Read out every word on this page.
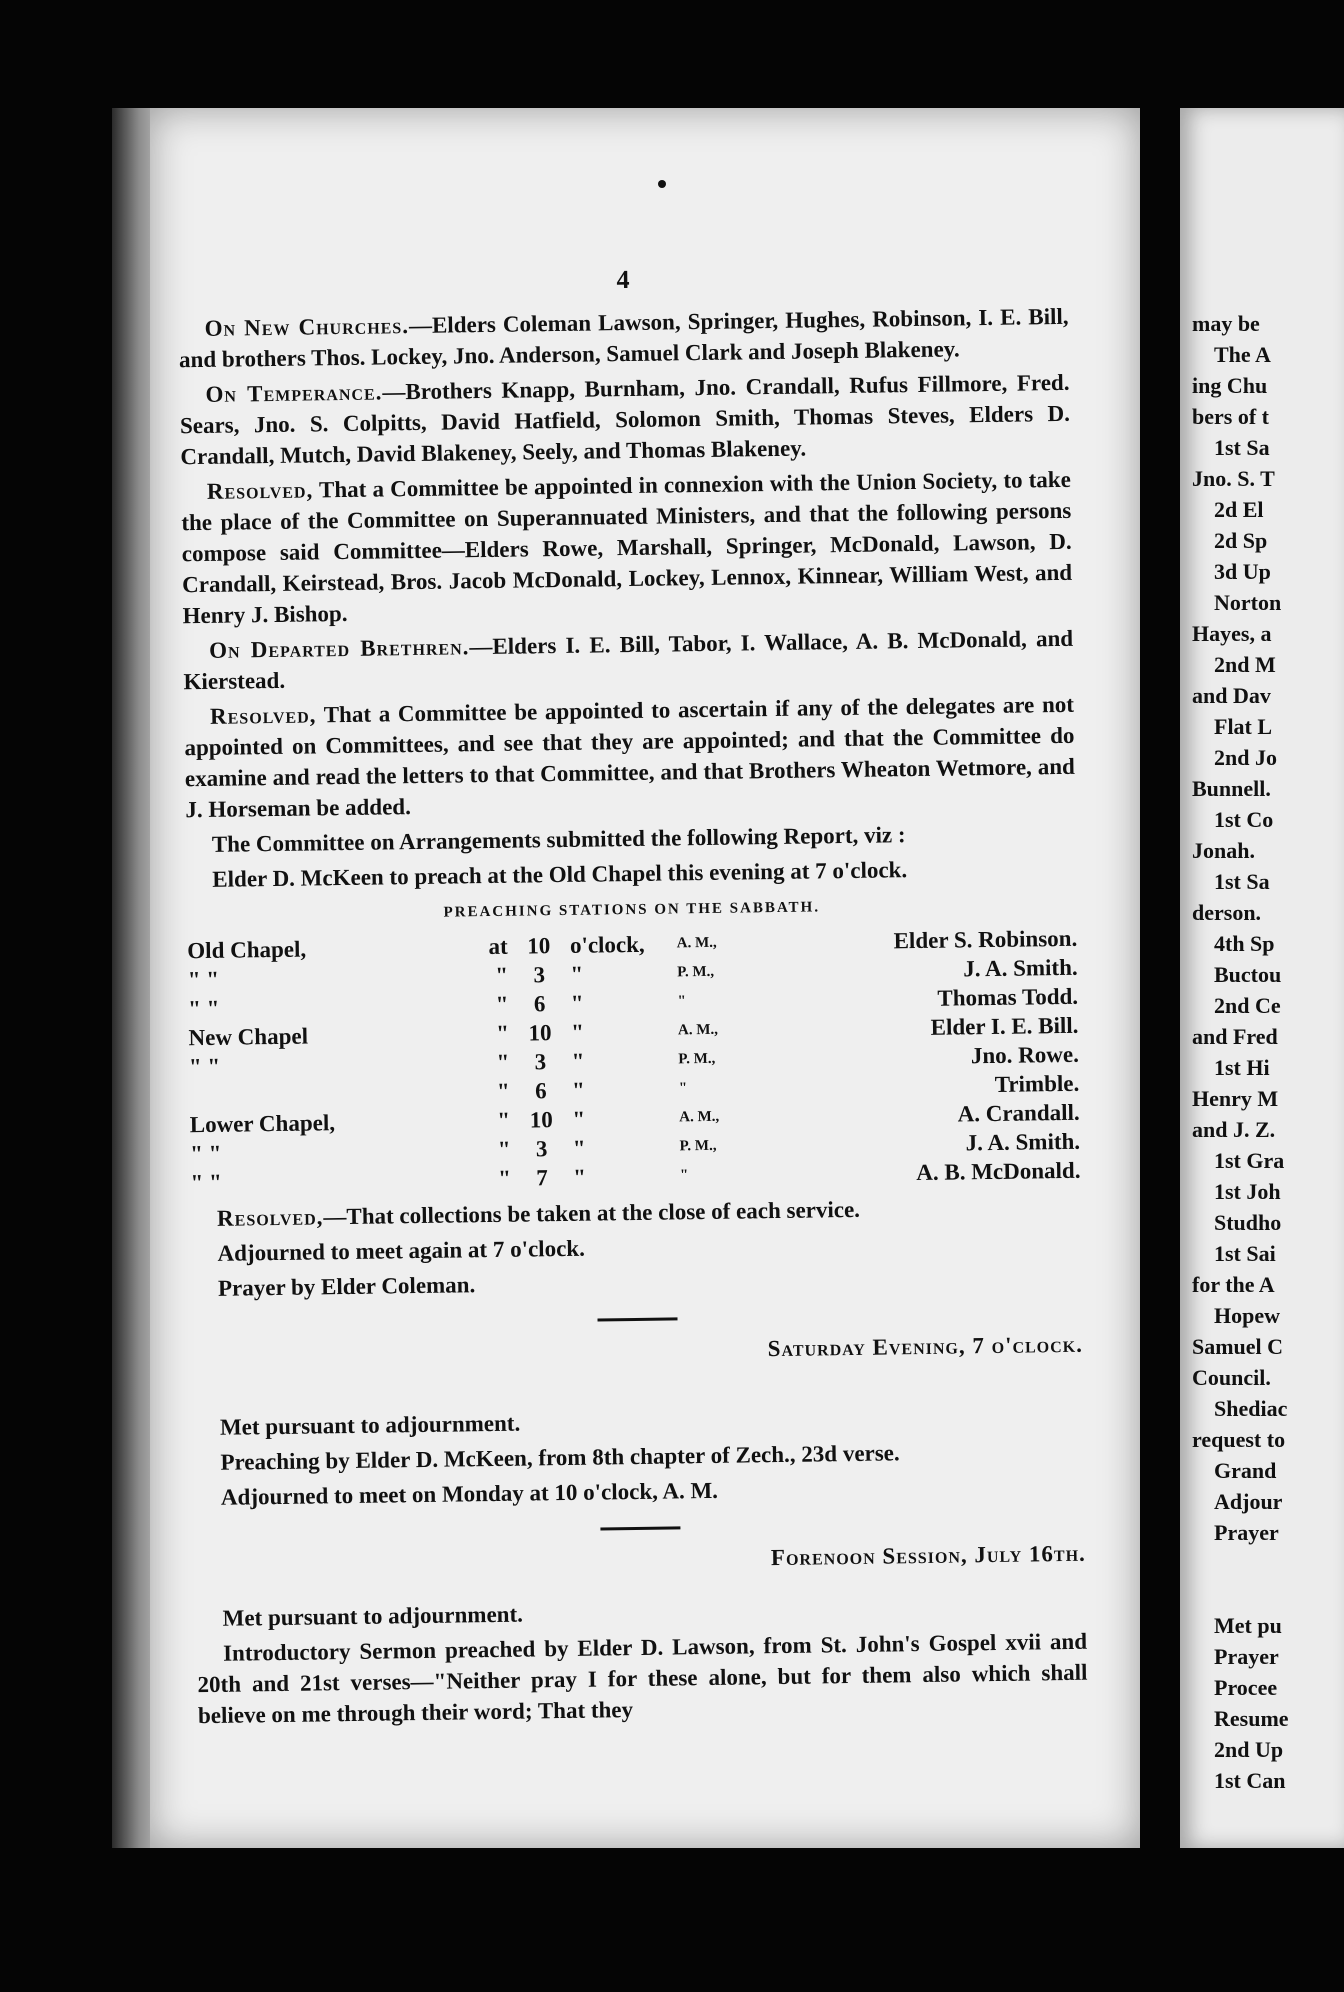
4

On New Churches.—Elders Coleman Lawson, Springer, Hughes, Robinson, I. E. Bill, and brothers Thos. Lockey, Jno. Anderson, Samuel Clark and Joseph Blakeney.

On Temperance.—Brothers Knapp, Burnham, Jno. Crandall, Rufus Fillmore, Fred. Sears, Jno. S. Colpitts, David Hatfield, Solomon Smith, Thomas Steves, Elders D. Crandall, Mutch, David Blakeney, Seely, and Thomas Blakeney.

Resolved, That a Committee be appointed in connexion with the Union Society, to take the place of the Committee on Superannuated Ministers, and that the following persons compose said Committee—Elders Rowe, Marshall, Springer, McDonald, Lawson, D. Crandall, Keirstead, Bros. Jacob McDonald, Lockey, Lennox, Kinnear, William West, and Henry J. Bishop.

On Departed Brethren.—Elders I. E. Bill, Tabor, I. Wallace, A. B. McDonald, and Kierstead.

Resolved, That a Committee be appointed to ascertain if any of the delegates are not appointed on Committees, and see that they are appointed; and that the Committee do examine and read the letters to that Committee, and that Brothers Wheaton Wetmore, and J. Horseman be added.

The Committee on Arrangements submitted the following Report, viz :

Elder D. McKeen to preach at the Old Chapel this evening at 7 o'clock.

PREACHING STATIONS ON THE SABBATH.
Old Chapel,	at	10	o'clock,	A. M.,	Elder S. Robinson.
" "	"	3	"	P. M.,	J. A. Smith.
" "	"	6	"	"	Thomas Todd.
New Chapel	"	10	"	A. M.,	Elder I. E. Bill.
" "	"	3	"	P. M.,	Jno. Rowe.
	"	6	"	"	Trimble.
Lower Chapel,	"	10	"	A. M.,	A. Crandall.
" "	"	3	"	P. M.,	J. A. Smith.
" "	"	7	"	"	A. B. McDonald.

Resolved,—That collections be taken at the close of each service.

Adjourned to meet again at 7 o'clock.

Prayer by Elder Coleman.

Saturday Evening, 7 o'clock.

Met pursuant to adjournment.

Preaching by Elder D. McKeen, from 8th chapter of Zech., 23d verse.

Adjourned to meet on Monday at 10 o'clock, A. M.

Forenoon Session, July 16th.

Met pursuant to adjournment.

Introductory Sermon preached by Elder D. Lawson, from St. John's Gospel xvii and 20th and 21st verses—"Neither pray I for these alone, but for them also which shall believe on me through their word; That they

may be
The A
ing Chu
bers of t
1st Sa
Jno. S. T
2d El
2d Sp
3d Up
Norton
Hayes, a
2nd M
and Dav
Flat L
2nd Jo
Bunnell.
1st Co
Jonah.
1st Sa
derson.
4th Sp
Buctou
2nd Ce
and Fred
1st Hi
Henry M
and J. Z.
1st Gra
1st Joh
Studho
1st Sai
for the A
Hopew
Samuel C
Council.
Shediac
request to
Grand
Adjour
Prayer

Met pu
Prayer
Procee
Resume
2nd Up
1st Can
